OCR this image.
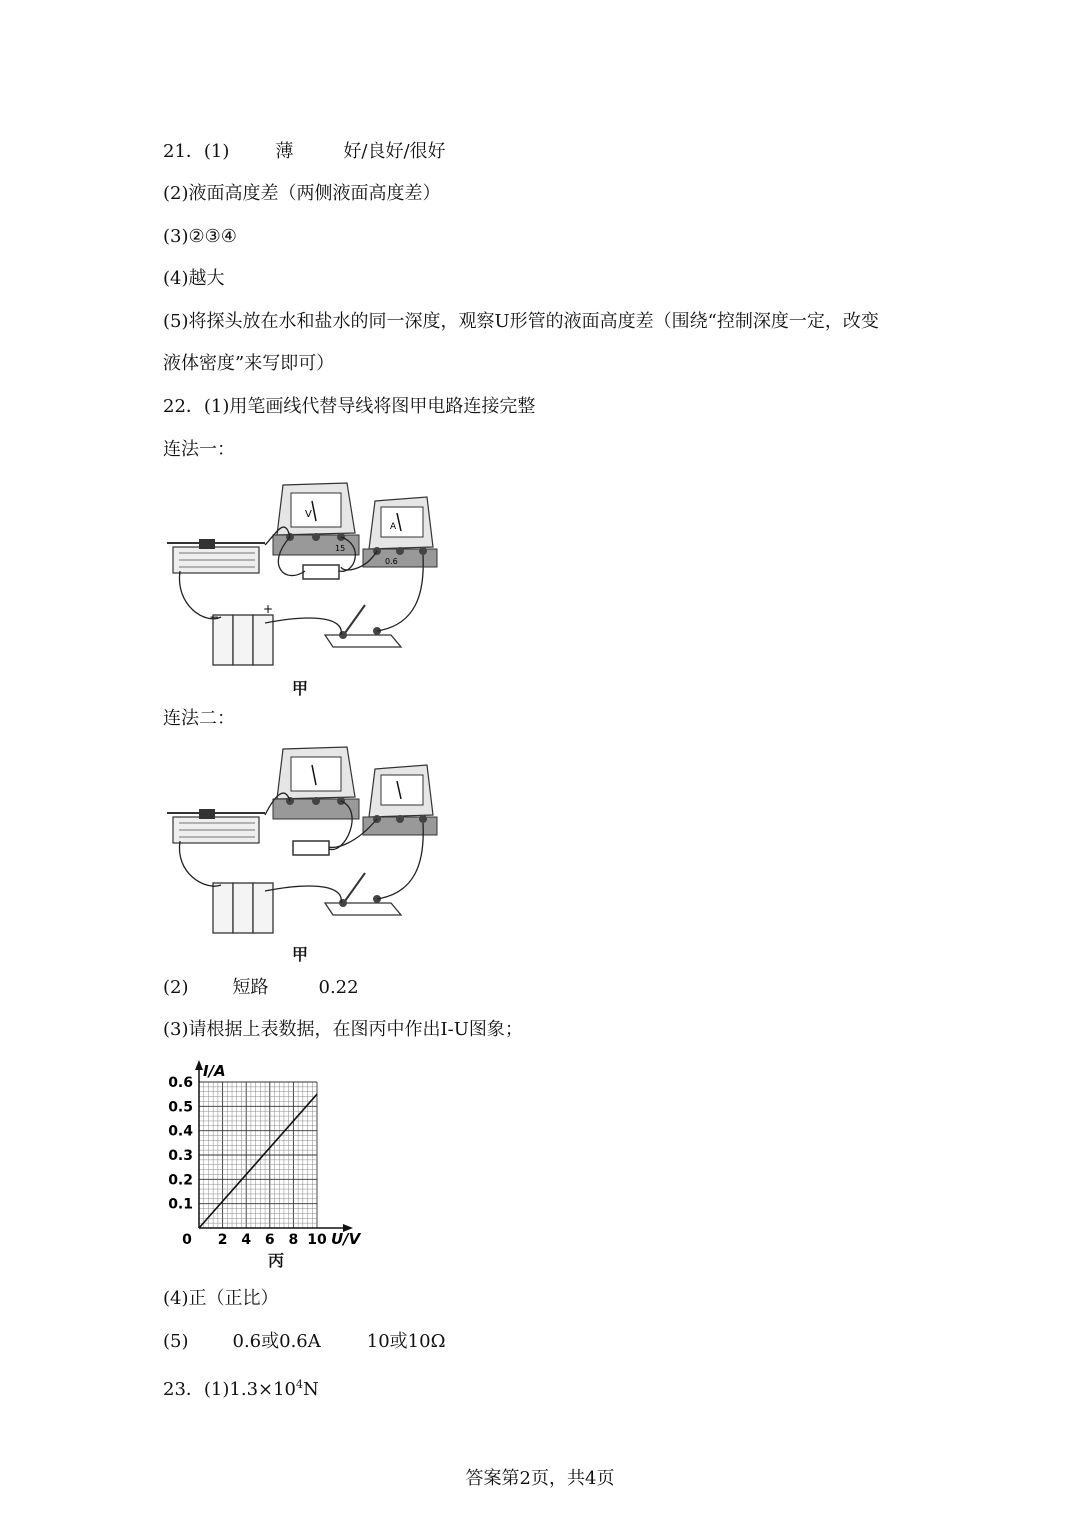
21．(1)	薄	好/良好/很好
(2)液面高度差（两侧液面高度差）
(3)②③④
(4)越大
(5)将探头放在水和盐水的同一深度，观察U形管的液面高度差（围绕“控制深度一定，改变
液体密度”来写即可）
22．(1)用笔画线代替导线将图甲电路连接完整
连法一：
V
15
A
0.6
−
+
甲
连法二：
甲
(2) 短路	0.22
(3)请根据上表数据，在图丙中作出I-U图象；
I/A
U/V
0.6
0.5
0.4
0.3
0.2
0.1
0 2 4 6 8 10
丙
(4)正（正比）
(5) 0.6或0.6A	10或10Ω
23．$(1)1.3\times 10^4N$
答案第2页，共4页
